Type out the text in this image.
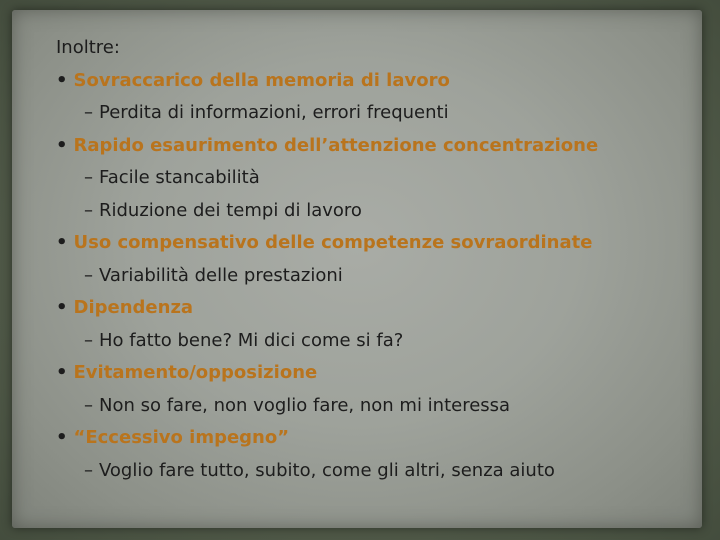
Inoltre:
• Sovraccarico della memoria di lavoro
– Perdita di informazioni, errori frequenti
• Rapido esaurimento dell’attenzione concentrazione
– Facile stancabilità
– Riduzione dei tempi di lavoro
• Uso compensativo delle competenze sovraordinate
– Variabilità delle prestazioni
• Dipendenza
– Ho fatto bene? Mi dici come si fa?
• Evitamento/opposizione
– Non so fare, non voglio fare, non mi interessa
• “Eccessivo impegno”
– Voglio fare tutto, subito, come gli altri, senza aiuto
